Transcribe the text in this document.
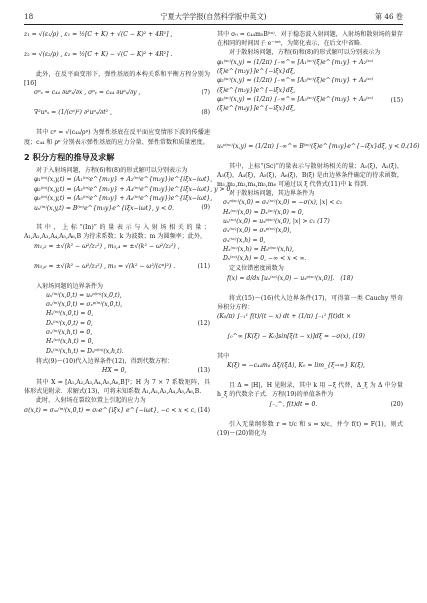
18	宁夏大学学报(自然科学版中英文)	第 46 卷
z₁ = √(ε₁/ρ) , ε₁ = ½[C + K) + √(C − K)² + 4R²] ,
z₂ = √(ε₂/ρ) , ε₂ = ½[C + K) − √(C − K)² + 4R²] .

此外，在反平面变形下，弹性基底的本构关系和平衡方程分别为[16]

σᵖₓ = c₄₄ ∂uᵖₓ/∂x , σᵖᵧ = c₄₄ ∂uᵖₓ/∂y ,	(7)
∇²uᵖₓ = (1/(cᵖ)²) ∂²uᵖₓ/∂t² ,	(8)

其中 cᵖ = √(c₄₄/ρᵖ) 为弹性基底在反平面应变情形下波的传播速度；c₄₄ 和 ρᵖ 分别表示弹性基底的应力分量、弹性常数和质量密度。

2 积分方程的推导及求解

对于入射场问题，方程(6)和(8)的形式解可以分别表示为

φ₁⁽ⁱⁿ⁾(x,y,t) = (A₁⁽ⁱⁿ⁾e^{m₁y} + A₂⁽ⁱⁿ⁾e^{m₂y})e^{iξx−iωt},
φ₂⁽ⁱⁿ⁾(x,y,t) = (A₃⁽ⁱⁿ⁾e^{m₁y} + A₄⁽ⁱⁿ⁾e^{m₂y})e^{iξx−iωt}, y > 0,
φ₃⁽ⁱⁿ⁾(x,y,t) = (A₅⁽ⁱⁿ⁾e^{m₃y} + A₆⁽ⁱⁿ⁾e^{m₄y})e^{iξx−iωt},
uₓ⁽ⁱⁿ⁾(x,y,t) = B⁽ⁱⁿ⁾e^{m₅y}e^{iξx−iωt}, y < 0.	(9)

其中，上标“(In)”的量表示与入射场相关的量；A₁,A₂,A₃,A₄,A₅,A₆,B 为待求系数；k 为波数；m 为圆频率；此外，

m₁,₂ = ±√(k² − ω²/z₁²) , m₃,₄ = ±√(k² − ω²/z₂²) ,
m₅,₆ = ±√(k² − ω²/z₃²) , m₅ = √(k² − ω²/(cᵖ)²) .	(11)

入射场问题的边界条件为

uₓ⁽ⁱⁿ⁾(x,0,t) = uₓᵖ⁽ⁱⁿ⁾(x,0,t),
σₓ⁽ⁱⁿ⁾(x,0,t) = σₓᵖ⁽ⁱⁿ⁾(x,0,t),
Hₛ⁽ⁱⁿ⁾(x,0,t) = 0,
Dₛ⁽ⁱⁿ⁾(x,0,t) = 0,
σₓ⁽ⁱⁿ⁾(x,h,t) = 0,
Hₓ⁽ⁱⁿ⁾(x,h,t) = 0,
Dₓ⁽ⁱⁿ⁾(x,h,t) = Dₓᵖ⁽ⁱⁿ⁾(x,h,t).
(12)

将式(9)～(10)代入边界条件(12)，得到代数方程：

HX = 0,	(13)

其中 X = [A₁,A₂,A₃,A₄,A₅,A₆,B]ᵀ；H 为 7 × 7 系数矩阵，具体形式见附录．求解式(13)，可将未知系数 A₁,A₂,A₃,A₄,A₅,A₆,B.

此时，入射场在裂纹位置上引起的应力为

σ(x,t) = σₓₓ⁽ⁱⁿ⁾(x,0,t) = σ₀e^{iξx} e^{−iωt}, −c < x < c, (14)

其中 σ₀ = c₄₄m₅B⁽ⁱⁿ⁾．对于稳态波入射问题，入射场和散射场的量存在相同的时间因子 e⁻ⁱʷᵗ，为简化表示，在后文中省略．

对于散射场问题，方程(6)和(8)的形式解可以分别表示为

φ₁⁽ˢᶜ⁾(x,y) = (1/2π) ∫₋∞^∞ [A₁⁽ˢᶜ⁾(ξ)e^{m₁y} + A₂⁽ˢᶜ⁾(ξ)e^{m₂y}]e^{−iξx}dξ,
φ₂⁽ˢᶜ⁾(x,y) = (1/2π) ∫₋∞^∞ [A₃⁽ˢᶜ⁾(ξ)e^{m₁y} + A₄⁽ˢᶜ⁾(ξ)e^{m₂y}]e^{−iξx}dξ,
φ₃⁽ˢᶜ⁾(x,y) = (1/2π) ∫₋∞^∞ [A₅⁽ˢᶜ⁾(ξ)e^{m₃y} + A₆⁽ˢᶜ⁾(ξ)e^{m₄y}]e^{−iξx}dξ,
(15)
uₓᵖ⁽ˢᶜ⁾(x,y) = (1/2π) ∫₋∞^∞ B⁽ˢᶜ⁾(ξ)e^{m₅y}e^{−iξx}dξ, y < 0.(16)

其中，上标“(Sc)”的量表示与散射场相关的量；A₁(ξ)，A₂(ξ)，A₃(ξ)，A₄(ξ)，A₅(ξ)，A₆(ξ)，B(ξ) 是由边界条件确定的待求函数，m₁,m₂,m₃,m₄,m₅,m₆ 可通过以 ξ 代替式(11)中 k 得到．

对于散射场问题，其边界条件为

σₓᵖ⁽ˢᶜ⁾(x,0) = σₓ⁽ˢᶜ⁾(x,0) = −σ(x), |x| < c₁
Hₓ⁽ˢᶜ⁾(x,0) = Dₓ⁽ˢᶜ⁾(x,0) = 0,
uₓ⁽ˢᶜ⁾(x,0) = uₓᵖ⁽ˢᶜ⁾(x,0), |x| > c₁ (17)
σₓ⁽ˢᶜ⁾(x,0) = σₓᵖ⁽ˢᶜ⁾(x,0),
σₓ⁽ˢᶜ⁾(x,h) = 0,
Hₓ⁽ˢᶜ⁾(x,h) = Hₓᵖ⁽ˢᶜ⁾(x,h),
Dₓ⁽ˢᶜ⁾(x,h) = 0, −∞ < x < ∞.

定义位错密度函数为

f(x) = d/dx [uₓ⁽ˢᶜ⁾(x,0) − uₓᵖ⁽ˢᶜ⁾(x,0)]． (18)

将式(15)～(16)代入边界条件(17)，可得第一类 Cauchy 型奇异积分方程：

(K₀/π) ∫₋₁¹ f(t)/(t − x) dt + (1/π) ∫₋₁¹ f(t)dt ×
∫₀^∞ [K(ξ) − K₀]sin[ξ(t − x)]dξ = −σ(x), (19)

其中

K(ξ) = −c₄₄m₆ Δξ/(ξΔ), K₀ = lim_{ξ→∞} K(ξ),

且 Δ = |H|，H 见附录，其中 k 用 −ξ 代替，Δ_ξ 为 Δ 中分量 h_ξ 的代数余子式．方程(19)的单值条件为

∫₋꜀^꜀ f(t)dt = 0.	(20)

引入无量纲参数 r = t/c 和 s = x/c，并令 f(t) = F(1)，则式(19)～(20)简化为
